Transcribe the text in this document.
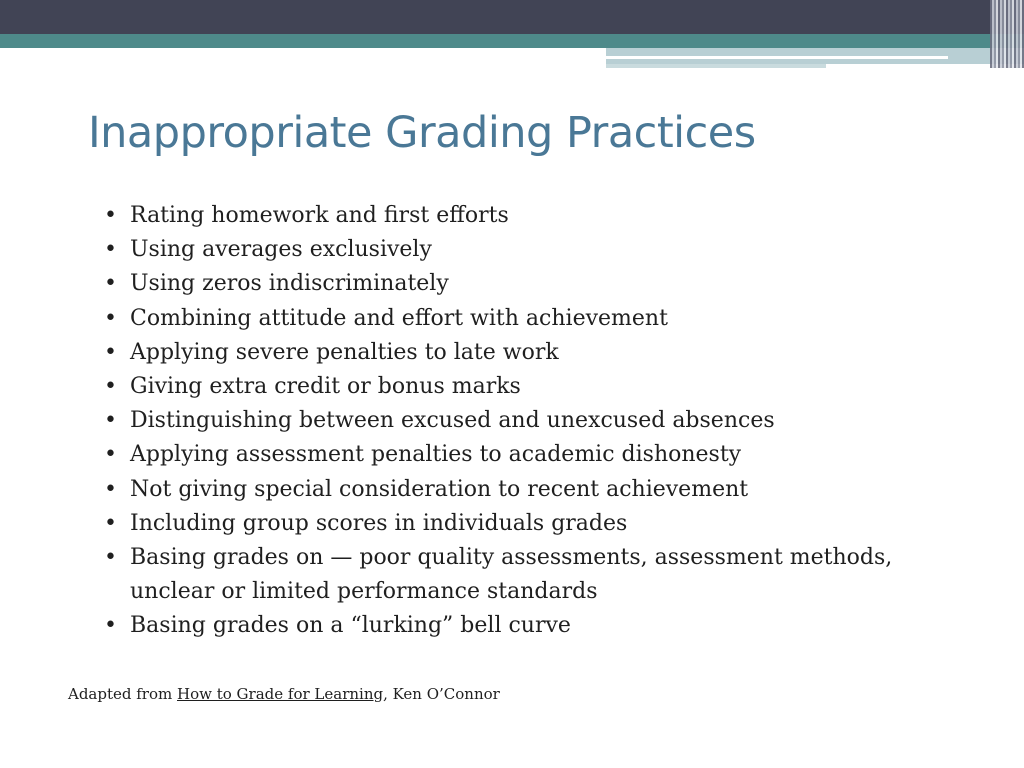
Inappropriate Grading Practices
• Rating homework and first efforts
• Using averages exclusively
• Using zeros indiscriminately
• Combining attitude and effort with achievement
• Applying severe penalties to late work
• Giving extra credit or bonus marks
• Distinguishing between excused and unexcused absences
• Applying assessment penalties to academic dishonesty
• Not giving special consideration to recent achievement
• Including group scores in individuals grades
• Basing grades on — poor quality assessments, assessment methods, unclear or limited performance standards
• Basing grades on a “lurking” bell curve
Adapted from How to Grade for Learning, Ken O’Connor
